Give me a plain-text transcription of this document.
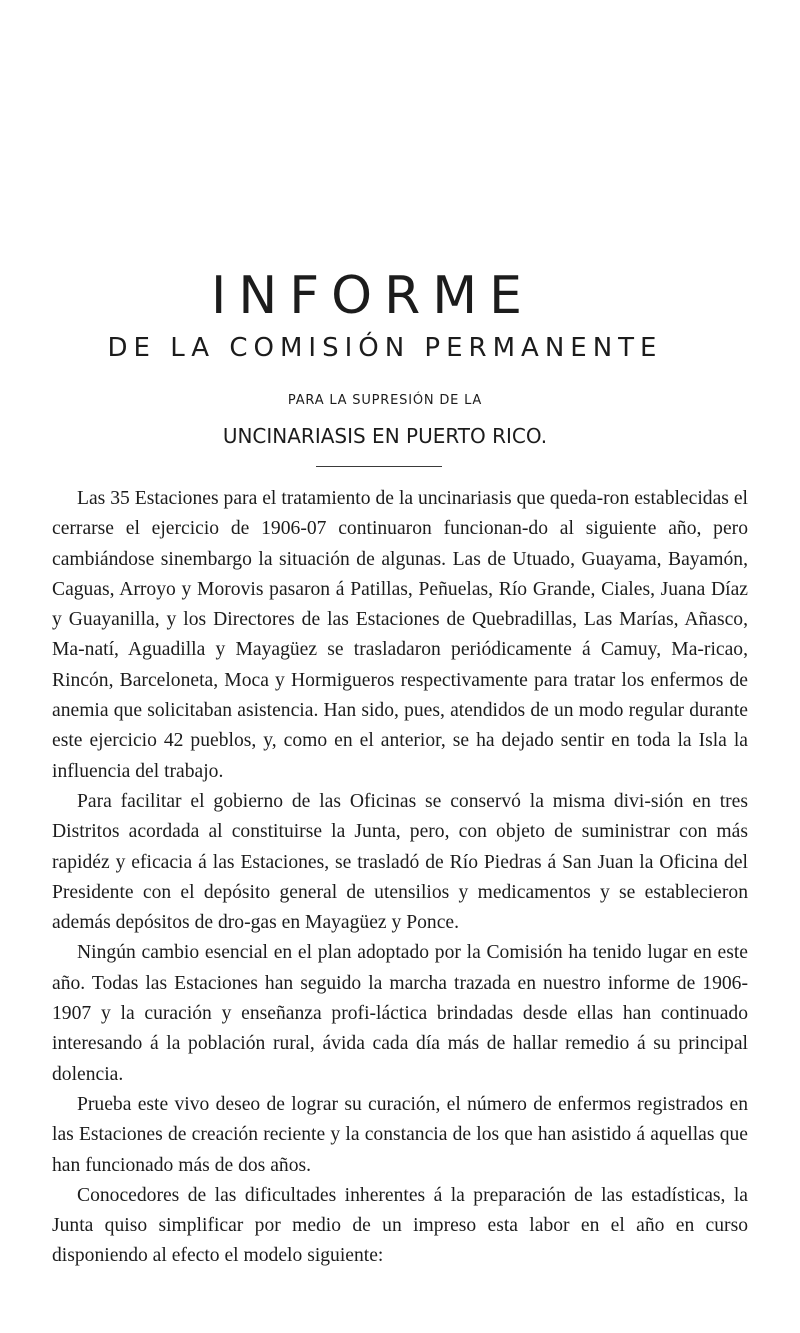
INFORME
DE LA COMISIÓN PERMANENTE
PARA LA SUPRESIÓN DE LA
UNCINARIASIS EN PUERTO RICO.

Las 35 Estaciones para el tratamiento de la uncinariasis que queda-ron establecidas el cerrarse el ejercicio de 1906-07 continuaron funcionan-do al siguiente año, pero cambiándose sinembargo la situación de algunas. Las de Utuado, Guayama, Bayamón, Caguas, Arroyo y Morovis pasaron á Patillas, Peñuelas, Río Grande, Ciales, Juana Díaz y Guayanilla, y los Directores de las Estaciones de Quebradillas, Las Marías, Añasco, Ma-natí, Aguadilla y Mayagüez se trasladaron periódicamente á Camuy, Ma-ricao, Rincón, Barceloneta, Moca y Hormigueros respectivamente para tratar los enfermos de anemia que solicitaban asistencia. Han sido, pues, atendidos de un modo regular durante este ejercicio 42 pueblos, y, como en el anterior, se ha dejado sentir en toda la Isla la influencia del trabajo.

Para facilitar el gobierno de las Oficinas se conservó la misma divi-sión en tres Distritos acordada al constituirse la Junta, pero, con objeto de suministrar con más rapidéz y eficacia á las Estaciones, se trasladó de Río Piedras á San Juan la Oficina del Presidente con el depósito general de utensilios y medicamentos y se establecieron además depósitos de dro-gas en Mayagüez y Ponce.

Ningún cambio esencial en el plan adoptado por la Comisión ha tenido lugar en este año. Todas las Estaciones han seguido la marcha trazada en nuestro informe de 1906-1907 y la curación y enseñanza profi-láctica brindadas desde ellas han continuado interesando á la población rural, ávida cada día más de hallar remedio á su principal dolencia.

Prueba este vivo deseo de lograr su curación, el número de enfermos registrados en las Estaciones de creación reciente y la constancia de los que han asistido á aquellas que han funcionado más de dos años.

Conocedores de las dificultades inherentes á la preparación de las estadísticas, la Junta quiso simplificar por medio de un impreso esta labor en el año en curso disponiendo al efecto el modelo siguiente:
